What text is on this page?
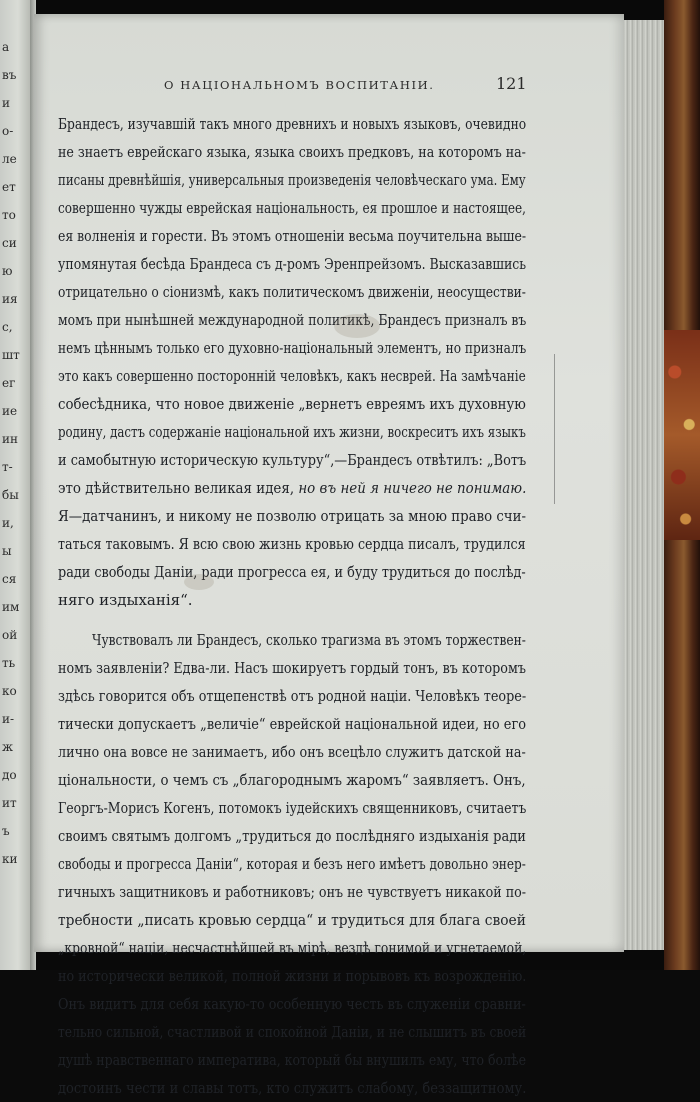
a
въ
и
о-
ле
ет
то
си
ю
ия
с,
шт
ег
ие
ин
т-
бы
и,
ы
ся
им
ой
ть
ко
и-
ж
до
ит
ъ
ки
О НАЦІОНАЛЬНОМЪ ВОСПИТАНІИ.	121
Брандесъ, изучавшій такъ много древнихъ и новыхъ языковъ, очевидно
не знаетъ еврейскаго языка, языка своихъ предковъ, на которомъ на-
писаны древнѣйшія, универсальныя произведенія человѣческаго ума. Ему
совершенно чужды еврейская національность, ея прошлое и настоящее,
ея волненія и горести. Въ этомъ отношеніи весьма поучительна выше-
упомянутая бесѣда Брандеса съ д-ромъ Эренпрейзомъ. Высказавшись
отрицательно о сіонизмѣ, какъ политическомъ движеніи, неосуществи-
момъ при нынѣшней международной политикѣ, Брандесъ призналъ въ
немъ цѣннымъ только его духовно-національный элементъ, но призналъ
это какъ совершенно посторонній человѣкъ, какъ несврей. На замѣчаніе
собесѣдника, что новое движеніе „вернетъ евреямъ ихъ духовную
родину, дастъ содержаніе національной ихъ жизни, воскреситъ ихъ языкъ
и самобытную историческую культуру“,—Брандесъ отвѣтилъ: „Вотъ
это дѣйствительно великая идея, но въ ней я ничего не понимаю.
Я—датчанинъ, и никому не позволю отрицать за мною право счи-
таться таковымъ. Я всю свою жизнь кровью сердца писалъ, трудился
ради свободы Даніи, ради прогресса ея, и буду трудиться до послѣд-
няго издыханія“.
Чувствовалъ ли Брандесъ, сколько трагизма въ этомъ торжествен-
номъ заявленіи? Едва-ли. Насъ шокируетъ гордый тонъ, въ которомъ
здѣсь говорится объ отщепенствѣ отъ родной націи. Человѣкъ теоре-
тически допускаетъ „величіе“ еврейской національной идеи, но его
лично она вовсе не занимаетъ, ибо онъ всецѣло служитъ датской на-
ціональности, о чемъ съ „благороднымъ жаромъ“ заявляетъ. Онъ,
Георгъ-Морисъ Когенъ, потомокъ іудейскихъ священниковъ, считаетъ
своимъ святымъ долгомъ „трудиться до послѣдняго издыханія ради
свободы и прогресса Даніи“, которая и безъ него имѣетъ довольно энер-
гичныхъ защитниковъ и работниковъ; онъ не чувствуетъ никакой по-
требности „писать кровью сердца“ и трудиться для блага своей
„кровной“ націи, несчастнѣйшей въ мірѣ, вездѣ гонимой и угнетаемой,
но исторически великой, полной жизни и порывовъ къ возрожденію.
Онъ видитъ для себя какую-то особенную честь въ служеніи сравни-
тельно сильной, счастливой и спокойной Даніи, и не слышитъ въ своей
душѣ нравственнаго императива, который бы внушилъ ему, что болѣе
достоинъ чести и славы тотъ, кто служитъ слабому, беззащитному.
